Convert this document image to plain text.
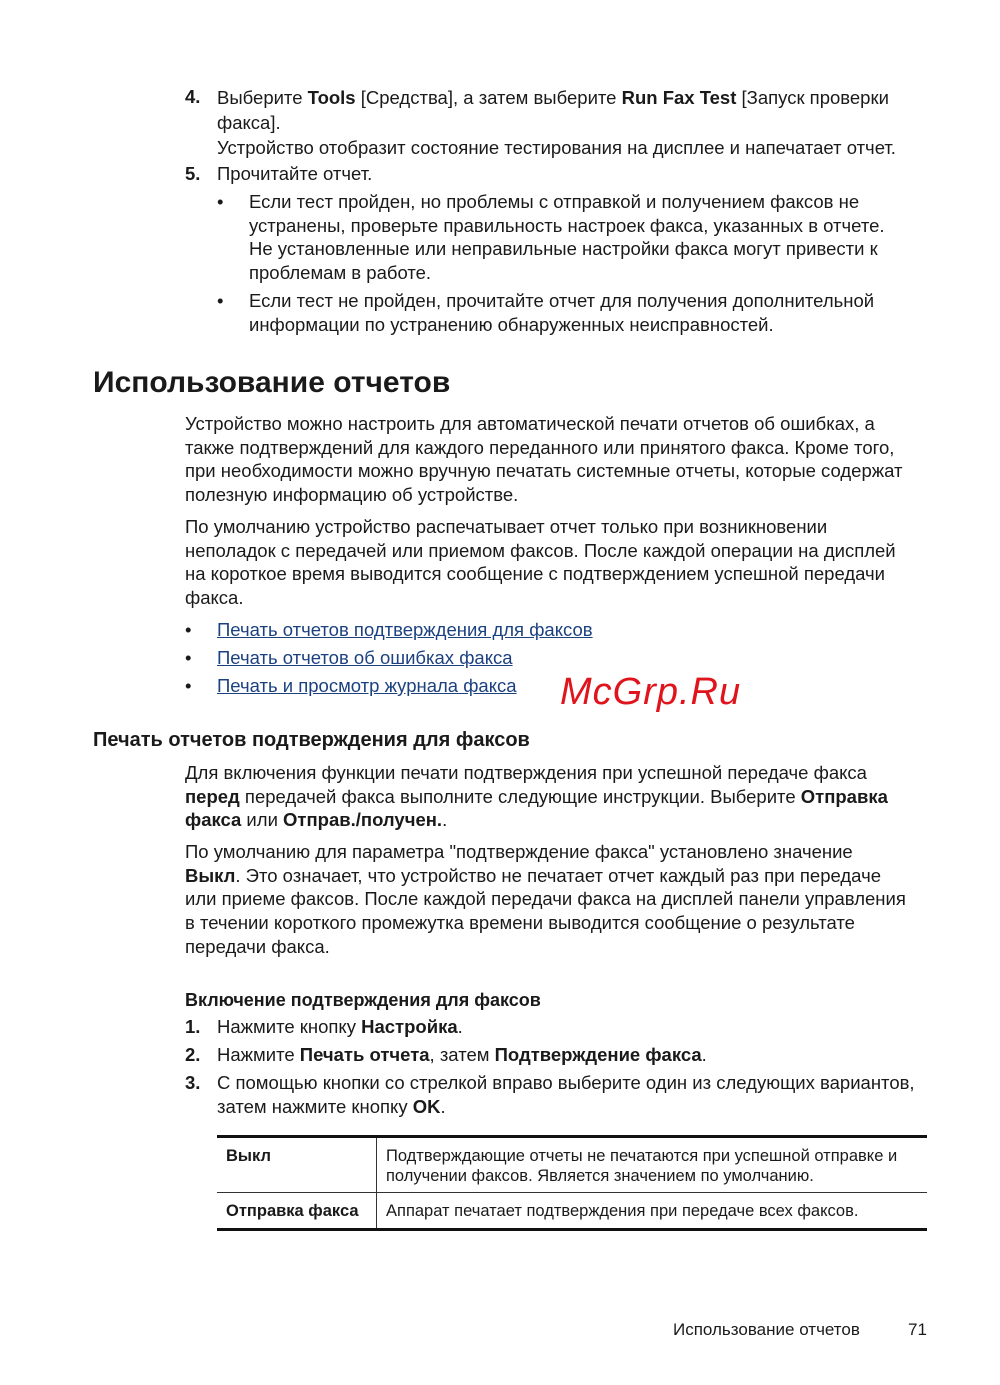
4. Выберите Tools [Средства], а затем выберите Run Fax Test [Запуск проверки
факса].
Устройство отобразит состояние тестирования на дисплее и напечатает отчет.
5. Прочитайте отчет.
• Если тест пройден, но проблемы с отправкой и получением факсов не
устранены, проверьте правильность настроек факса, указанных в отчете.
Не установленные или неправильные настройки факса могут привести к
проблемам в работе.
• Если тест не пройден, прочитайте отчет для получения дополнительной
информации по устранению обнаруженных неисправностей.
Использование отчетов
Устройство можно настроить для автоматической печати отчетов об ошибках, а
также подтверждений для каждого переданного или принятого факса. Кроме того,
при необходимости можно вручную печатать системные отчеты, которые содержат
полезную информацию об устройстве.
По умолчанию устройство распечатывает отчет только при возникновении
неполадок с передачей или приемом факсов. После каждой операции на дисплей
на короткое время выводится сообщение с подтверждением успешной передачи
факса.
• Печать отчетов подтверждения для факсов
• Печать отчетов об ошибках факса
• Печать и просмотр журнала факса McGrp.Ru
Печать отчетов подтверждения для факсов
Для включения функции печати подтверждения при успешной передаче факса
перед передачей факса выполните следующие инструкции. Выберите Отправка
факса или Отправ./получен..
По умолчанию для параметра "подтверждение факса" установлено значение
Выкл. Это означает, что устройство не печатает отчет каждый раз при передаче
или приеме факсов. После каждой передачи факса на дисплей панели управления
в течении короткого промежутка времени выводится сообщение о результате
передачи факса.
Включение подтверждения для факсов
1. Нажмите кнопку Настройка.
2. Нажмите Печать отчета, затем Подтверждение факса.
3. С помощью кнопки со стрелкой вправо выберите один из следующих вариантов,
затем нажмите кнопку OK.
Выкл	Подтверждающие отчеты не печатаются при успешной отправке и получении факсов. Является значением по умолчанию.
Отправка факса	Аппарат печатает подтверждения при передаче всех факсов.
Использование отчетов	71
